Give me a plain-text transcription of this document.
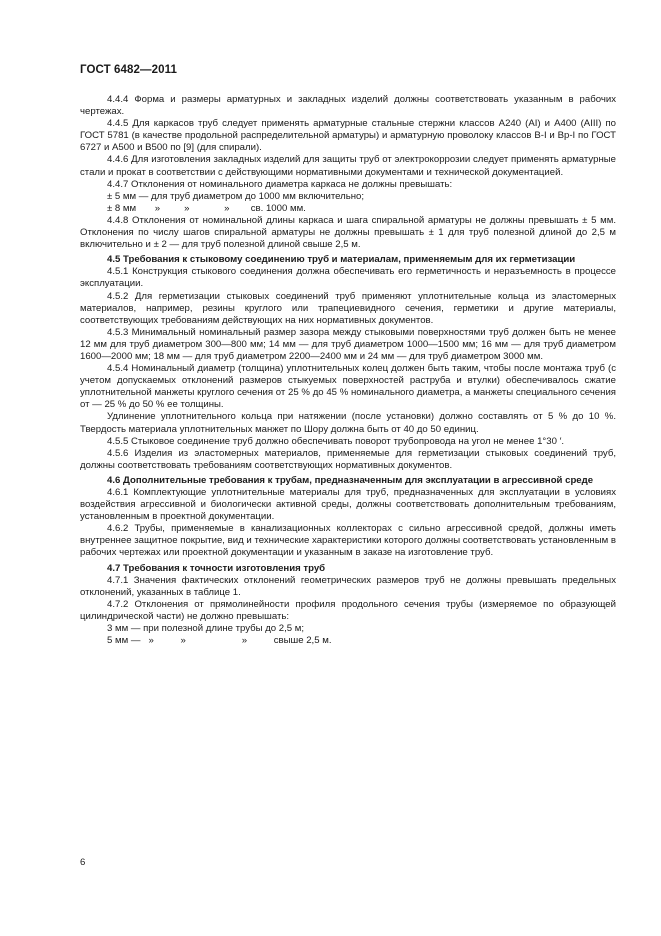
ГОСТ 6482—2011

4.4.4 Форма и размеры арматурных и закладных изделий должны соответствовать указанным в рабочих чертежах.

4.4.5 Для каркасов труб следует применять арматурные стальные стержни классов А240 (AI) и А400 (AIII) по ГОСТ 5781 (в качестве продольной распределительной арматуры) и арматурную проволоку классов В-I и Вр-I по ГОСТ 6727 и А500 и В500 по [9] (для спирали).

4.4.6 Для изготовления закладных изделий для защиты труб от электрокоррозии следует применять арматурные стали и прокат в соответствии с действующими нормативными документами и технической документацией.

4.4.7 Отклонения от номинального диаметра каркаса не должны превышать:

± 5 мм — для труб диаметром до 1000 мм включительно;

± 8 мм       »         »             »        св. 1000 мм.

4.4.8 Отклонения от номинальной длины каркаса и шага спиральной арматуры не должны превышать ± 5 мм. Отклонения по числу шагов спиральной арматуры не должны превышать ± 1 для труб полезной длиной до 2,5 м включительно и ± 2 — для труб полезной длиной свыше 2,5 м.

4.5 Требования к стыковому соединению труб и материалам, применяемым для их герметизации

4.5.1 Конструкция стыкового соединения должна обеспечивать его герметичность и неразъемность в процессе эксплуатации.

4.5.2 Для герметизации стыковых соединений труб применяют уплотнительные кольца из эластомерных материалов, например, резины круглого или трапециевидного сечения, герметики и другие материалы, соответствующих требованиям действующих на них нормативных документов.

4.5.3 Минимальный номинальный размер зазора между стыковыми поверхностями труб должен быть не менее 12 мм для труб диаметром 300—800 мм; 14 мм — для труб диаметром 1000—1500 мм; 16 мм — для труб диаметром 1600—2000 мм; 18 мм — для труб диаметром 2200—2400 мм и 24 мм — для труб диаметром 3000 мм.

4.5.4 Номинальный диаметр (толщина) уплотнительных колец должен быть таким, чтобы после монтажа труб (с учетом допускаемых отклонений размеров стыкуемых поверхностей раструба и втулки) обеспечивалось сжатие уплотнительной манжеты круглого сечения от 25 % до 45 % номинального диаметра, а манжеты специального сечения от — 25 % до 50 % ее толщины.

Удлинение уплотнительного кольца при натяжении (после установки) должно составлять от 5 % до 10 %. Твердость материала уплотнительных манжет по Шору должна быть от 40 до 50 единиц.

4.5.5 Стыковое соединение труб должно обеспечивать поворот трубопровода на угол не менее 1°30 ′.

4.5.6 Изделия из эластомерных материалов, применяемые для герметизации стыковых соединений труб, должны соответствовать требованиям соответствующих нормативных документов.

4.6 Дополнительные требования к трубам, предназначенным для эксплуатации в агрессивной среде

4.6.1 Комплектующие уплотнительные материалы для труб, предназначенных для эксплуатации в условиях воздействия агрессивной и биологически активной среды, должны соответствовать дополнительным требованиям, установленным в проектной документации.

4.6.2 Трубы, применяемые в канализационных коллекторах с сильно агрессивной средой, должны иметь внутреннее защитное покрытие, вид и технические характеристики которого должны соответствовать установленным в рабочих чертежах или проектной документации и указанным в заказе на изготовление труб.

4.7 Требования к точности изготовления труб

4.7.1 Значения фактических отклонений геометрических размеров труб не должны превышать предельных отклонений, указанных в таблице 1.

4.7.2 Отклонения от прямолинейности профиля продольного сечения трубы (измеряемое по образующей цилиндрической части) не должно превышать:

3 мм — при полезной длине трубы до 2,5 м;

5 мм —   »          »                     »          свыше 2,5 м.

6
